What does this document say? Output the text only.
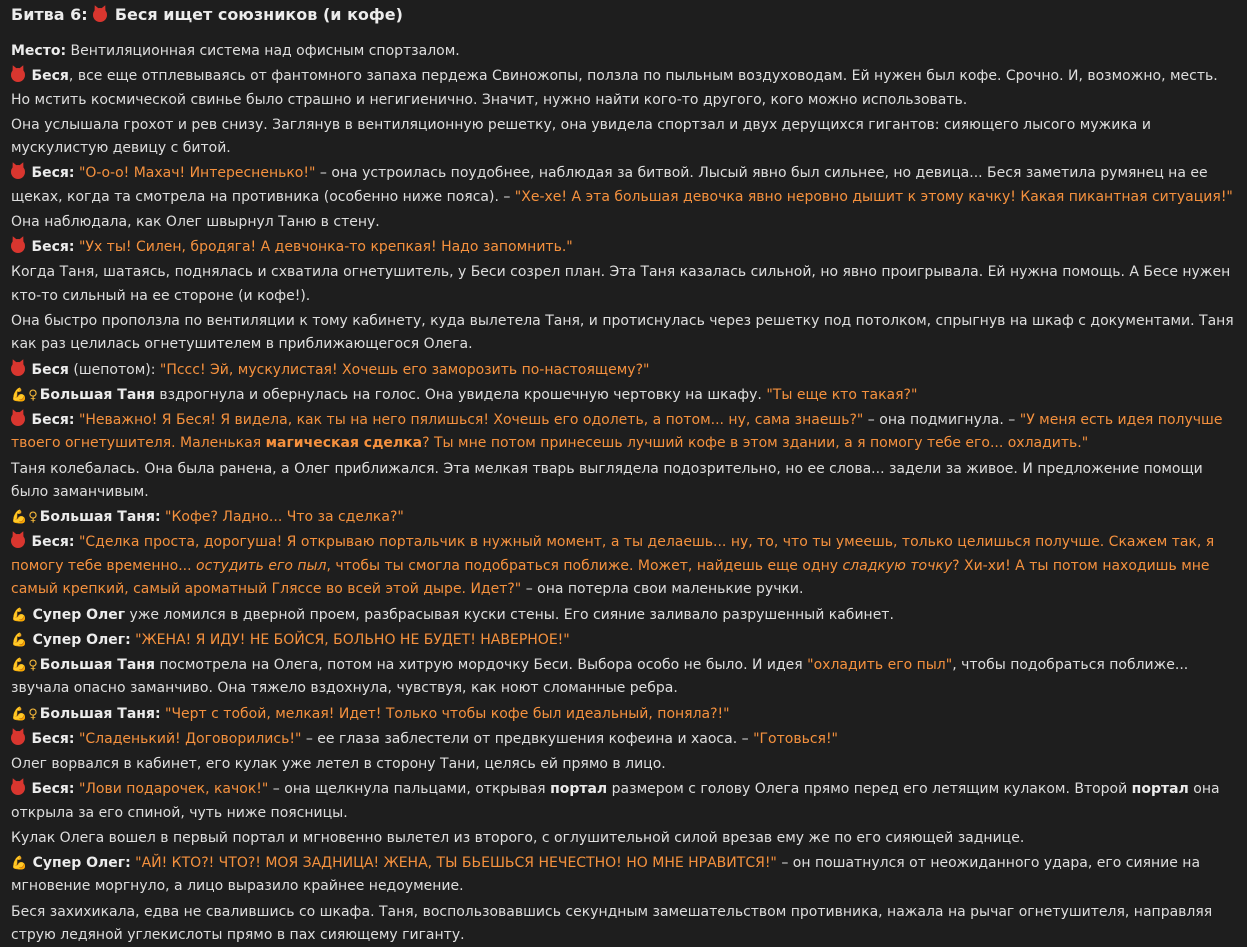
Битва 6: Беся ищет союзников (и кофе)

Место: Вентиляционная система над офисным спортзалом.

Беся, все еще отплевываясь от фантомного запаха пердежа Свиножопы, ползла по пыльным воздуховодам. Ей нужен был кофе. Срочно. И, возможно, месть. Но мстить космической свинье было страшно и негигиенично. Значит, нужно найти кого-то другого, кого можно использовать.

Она услышала грохот и рев снизу. Заглянув в вентиляционную решетку, она увидела спортзал и двух дерущихся гигантов: сияющего лысого мужика и мускулистую девицу с битой.

Беся: "О-о-о! Махач! Интересненько!" – она устроилась поудобнее, наблюдая за битвой. Лысый явно был сильнее, но девица... Беся заметила румянец на ее щеках, когда та смотрела на противника (особенно ниже пояса). – "Хе-хе! А эта большая девочка явно неровно дышит к этому качку! Какая пикантная ситуация!"

Она наблюдала, как Олег швырнул Таню в стену.

Беся: "Ух ты! Силен, бродяга! А девчонка-то крепкая! Надо запомнить."

Когда Таня, шатаясь, поднялась и схватила огнетушитель, у Беси созрел план. Эта Таня казалась сильной, но явно проигрывала. Ей нужна помощь. А Бесе нужен кто-то сильный на ее стороне (и кофе!).

Она быстро проползла по вентиляции к тому кабинету, куда вылетела Таня, и протиснулась через решетку под потолком, спрыгнув на шкаф с документами. Таня как раз целилась огнетушителем в приближающегося Олега.

Беся (шепотом): "Пссс! Эй, мускулистая! Хочешь его заморозить по-настоящему?"

💪♀ Большая Таня вздрогнула и обернулась на голос. Она увидела крошечную чертовку на шкафу. "Ты еще кто такая?"

Беся: "Неважно! Я Беся! Я видела, как ты на него пялишься! Хочешь его одолеть, а потом... ну, сама знаешь?" – она подмигнула. – "У меня есть идея получше твоего огнетушителя. Маленькая магическая сделка? Ты мне потом принесешь лучший кофе в этом здании, а я помогу тебе его... охладить."

Таня колебалась. Она была ранена, а Олег приближался. Эта мелкая тварь выглядела подозрительно, но ее слова... задели за живое. И предложение помощи было заманчивым.

💪♀ Большая Таня: "Кофе? Ладно... Что за сделка?"

Беся: "Сделка проста, дорогуша! Я открываю портальчик в нужный момент, а ты делаешь... ну, то, что ты умеешь, только целишься получше. Скажем так, я помогу тебе временно... остудить его пыл, чтобы ты смогла подобраться поближе. Может, найдешь еще одну сладкую точку? Хи-хи! А ты потом находишь мне самый крепкий, самый ароматный Гляссе во всей этой дыре. Идет?" – она потерла свои маленькие ручки.

💪 Супер Олег уже ломился в дверной проем, разбрасывая куски стены. Его сияние заливало разрушенный кабинет.

💪 Супер Олег: "ЖЕНА! Я ИДУ! НЕ БОЙСЯ, БОЛЬНО НЕ БУДЕТ! НАВЕРНОЕ!"

💪♀ Большая Таня посмотрела на Олега, потом на хитрую мордочку Беси. Выбора особо не было. И идея "охладить его пыл", чтобы подобраться поближе... звучала опасно заманчиво. Она тяжело вздохнула, чувствуя, как ноют сломанные ребра.

💪♀ Большая Таня: "Черт с тобой, мелкая! Идет! Только чтобы кофе был идеальный, поняла?!"

Беся: "Сладенький! Договорились!" – ее глаза заблестели от предвкушения кофеина и хаоса. – "Готовься!"

Олег ворвался в кабинет, его кулак уже летел в сторону Тани, целясь ей прямо в лицо.

Беся: "Лови подарочек, качок!" – она щелкнула пальцами, открывая портал размером с голову Олега прямо перед его летящим кулаком. Второй портал она открыла за его спиной, чуть ниже поясницы.

Кулак Олега вошел в первый портал и мгновенно вылетел из второго, с оглушительной силой врезав ему же по его сияющей заднице.

💪 Супер Олег: "АЙ! КТО?! ЧТО?! МОЯ ЗАДНИЦА! ЖЕНА, ТЫ БЬЕШЬСЯ НЕЧЕСТНО! НО МНЕ НРАВИТСЯ!" – он пошатнулся от неожиданного удара, его сияние на мгновение моргнуло, а лицо выразило крайнее недоумение.

Беся захихикала, едва не свалившись со шкафа. Таня, воспользовавшись секундным замешательством противника, нажала на рычаг огнетушителя, направляя струю ледяной углекислоты прямо в пах сияющему гиганту.
